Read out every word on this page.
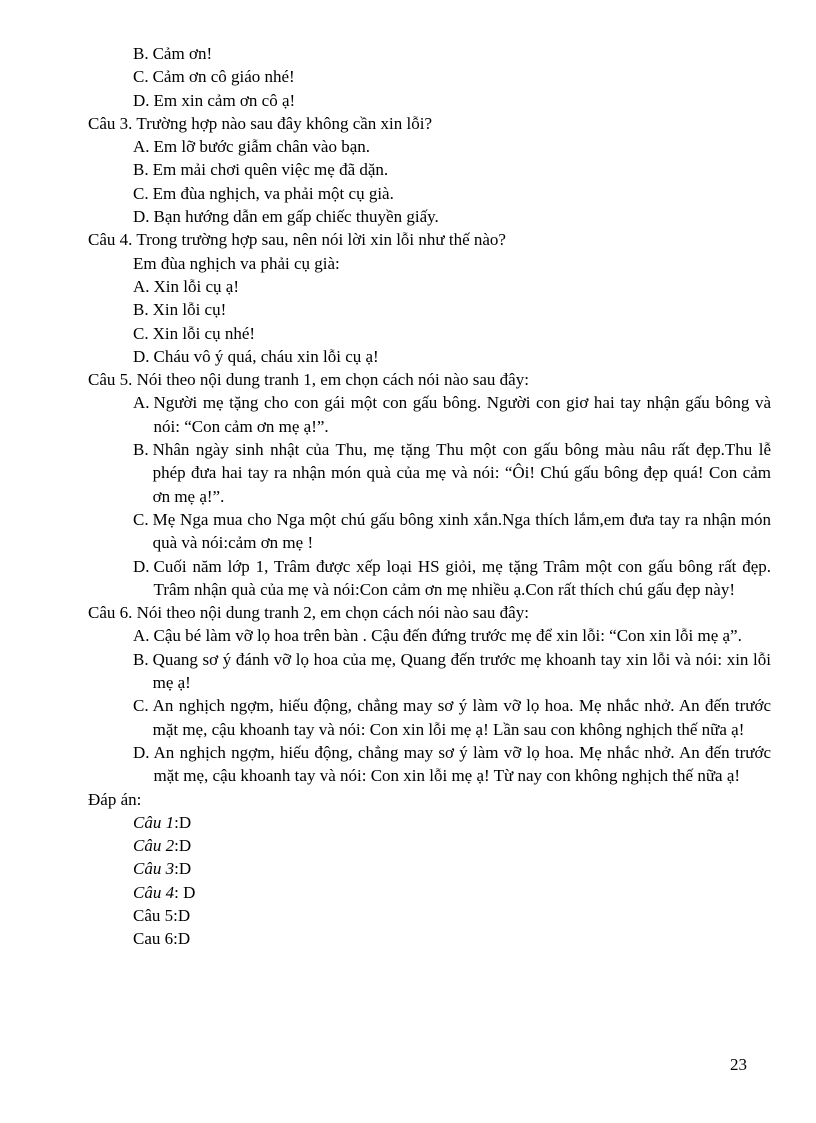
B. Cảm ơn!
C. Cảm ơn cô giáo nhé!
D. Em xin cảm ơn cô ạ!
Câu 3. Trường hợp nào sau đây không cần xin lỗi?
A. Em lỡ bước giẫm chân vào bạn.
B. Em mải chơi quên việc mẹ đã dặn.
C. Em đùa nghịch, va phải một cụ già.
D. Bạn hướng dẫn em gấp chiếc thuyền giấy.
Câu 4. Trong trường hợp sau, nên nói lời xin lỗi như thế nào?
Em đùa nghịch va phải cụ già:
A. Xin lỗi cụ ạ!
B. Xin lỗi cụ!
C. Xin lỗi cụ nhé!
D. Cháu vô ý quá, cháu xin lỗi cụ ạ!
Câu 5. Nói theo nội dung tranh 1, em chọn cách nói nào sau đây:
A. Người mẹ tặng cho con gái một con gấu bông. Người con giơ hai tay nhận gấu bông và nói: “Con cảm ơn mẹ ạ!”.
B. Nhân ngày sinh nhật của Thu, mẹ tặng Thu một con gấu bông màu nâu rất đẹp.Thu lễ phép đưa hai tay ra nhận món quà của mẹ và nói: “Ôi! Chú gấu bông đẹp quá! Con cảm ơn mẹ ạ!”.
C. Mẹ Nga mua cho Nga một chú gấu bông xinh xắn.Nga thích lắm,em đưa tay ra nhận món quà và nói:cảm ơn mẹ !
D. Cuối năm lớp 1, Trâm được xếp loại HS giỏi, mẹ tặng Trâm một con gấu bông rất đẹp. Trâm nhận quà của mẹ và nói:Con cảm ơn mẹ nhiều ạ.Con rất thích chú gấu đẹp này!
Câu 6. Nói theo nội dung tranh 2, em chọn cách nói nào sau đây:
A. Cậu bé làm vỡ lọ hoa trên bàn . Cậu đến đứng trước mẹ để xin lỗi: “Con xin lỗi mẹ ạ”.
B. Quang sơ ý đánh vỡ lọ hoa của mẹ, Quang đến trước mẹ khoanh tay xin lỗi và nói: xin lỗi mẹ ạ!
C. An nghịch ngợm, hiếu động, chẳng may sơ ý làm vỡ lọ hoa. Mẹ nhắc nhở. An đến trước mặt mẹ, cậu khoanh tay và nói: Con xin lỗi mẹ ạ! Lần sau con không nghịch thế nữa ạ!
D. An nghịch ngợm, hiếu động, chẳng may sơ ý làm vỡ lọ hoa. Mẹ nhắc nhở. An đến trước mặt mẹ, cậu khoanh tay và nói: Con xin lỗi mẹ ạ! Từ nay con không nghịch thế nữa ạ!
Đáp án:
Câu 1:D
Câu 2:D
Câu 3:D
Câu 4: D
Câu 5:D
Cau 6:D
23
